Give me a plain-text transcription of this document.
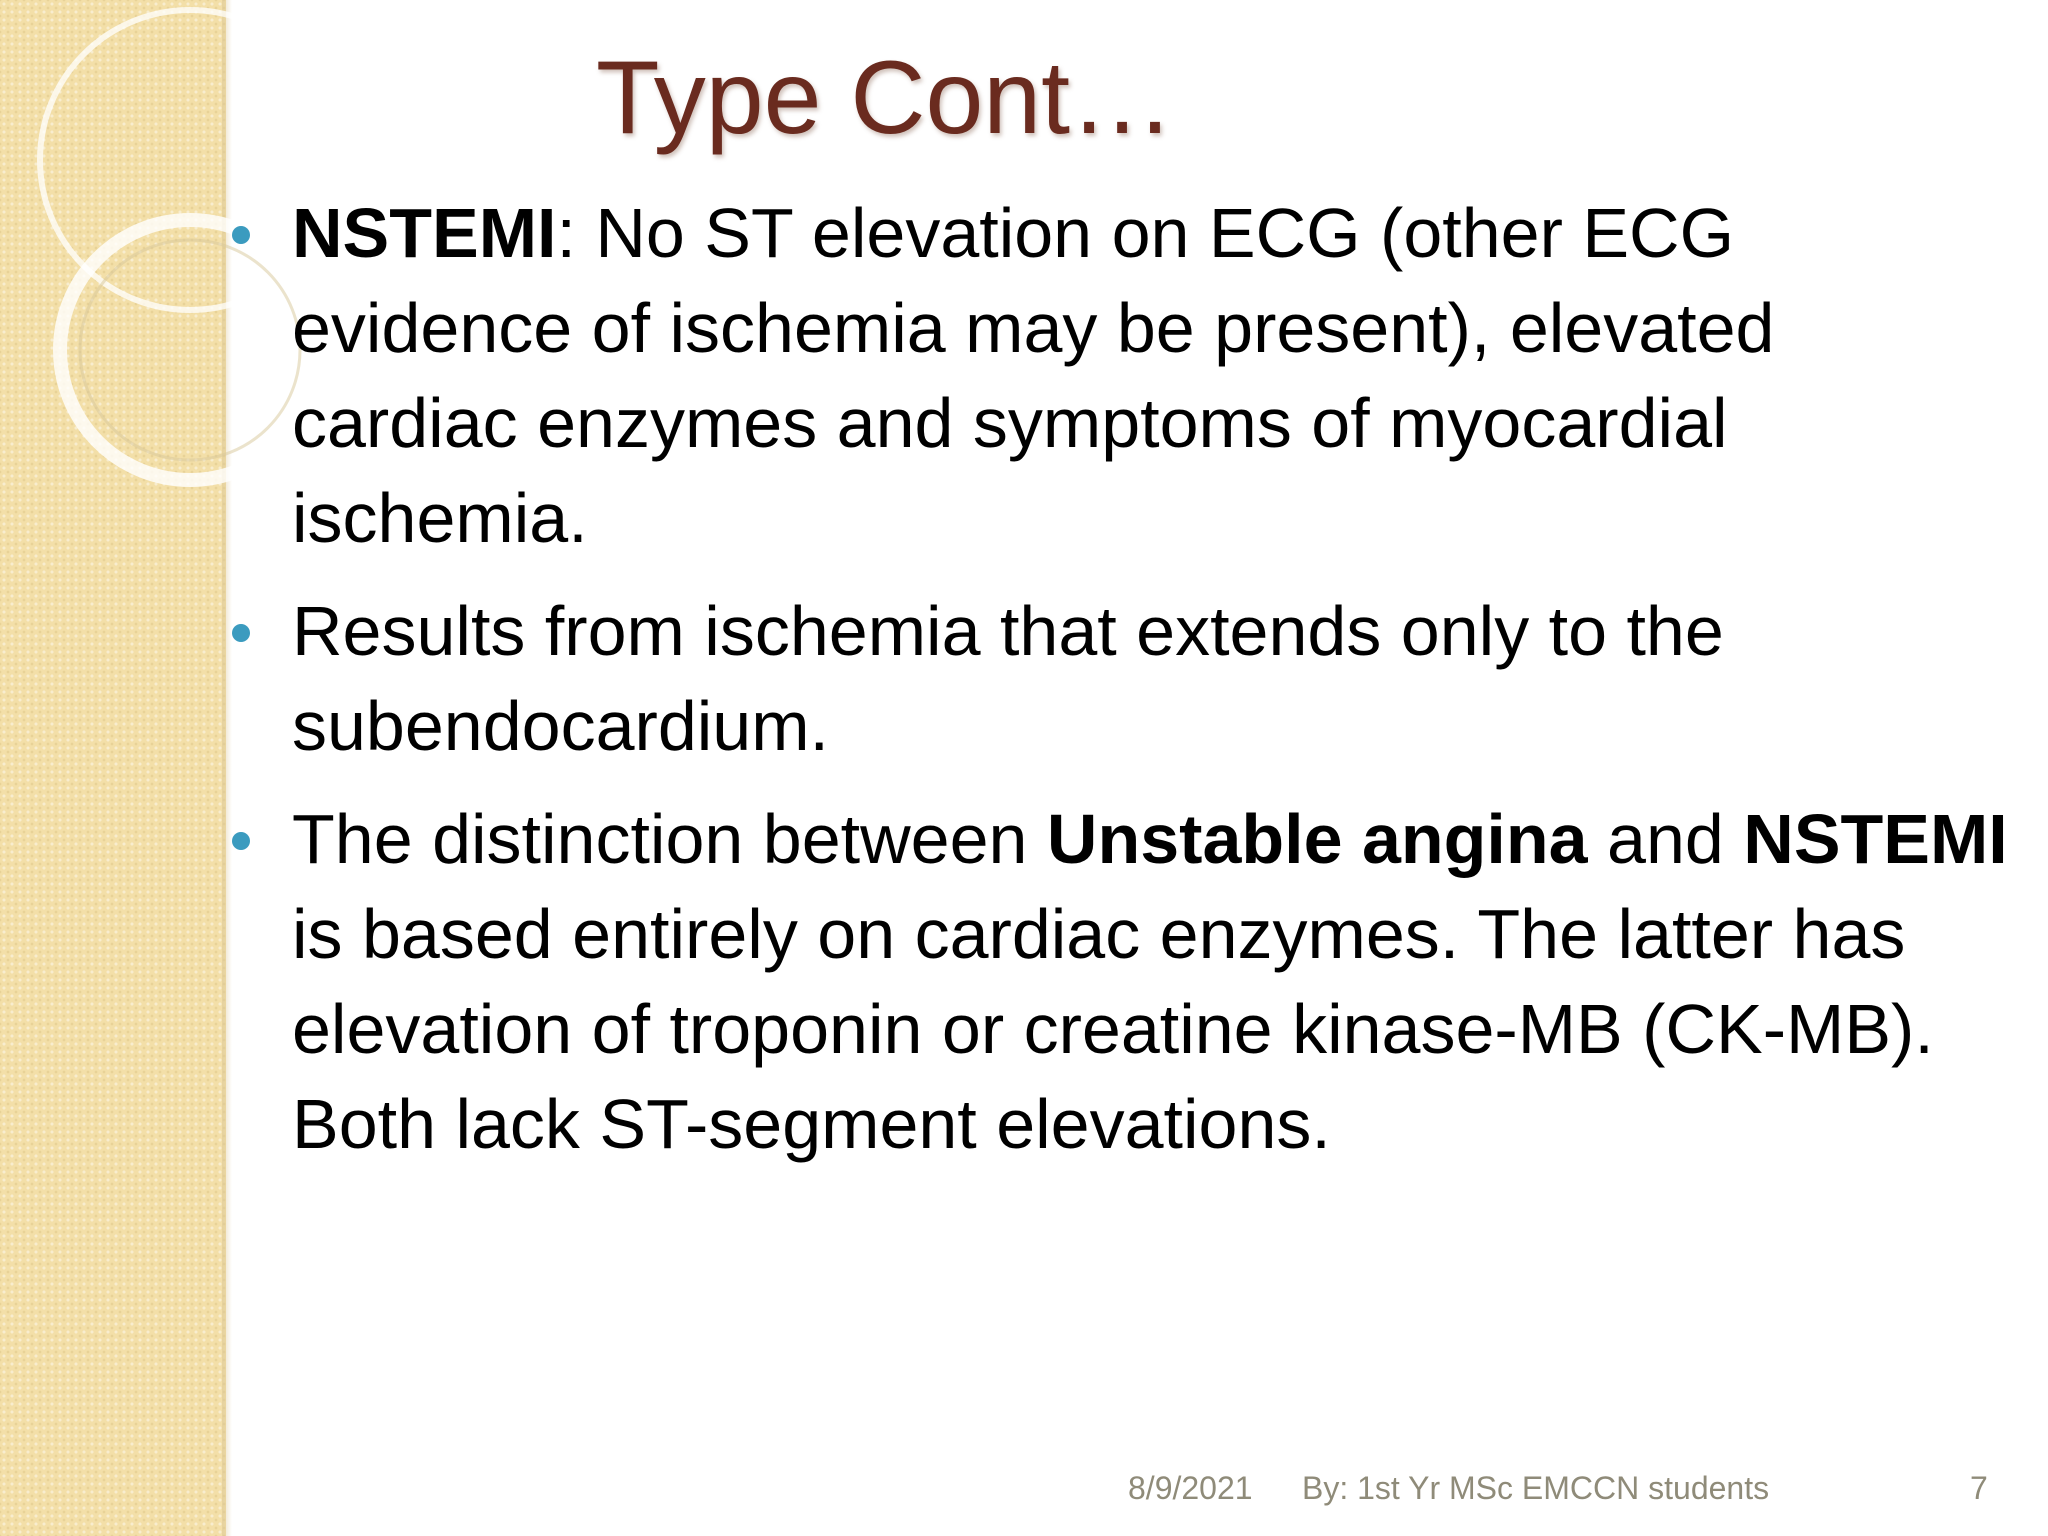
Type Cont…
NSTEMI: No ST elevation on ECG (other ECG evidence of ischemia may be present), elevated cardiac enzymes and symptoms of myocardial ischemia.
Results from ischemia that extends only to the subendocardium.
The distinction between Unstable angina and NSTEMI is based entirely on cardiac enzymes. The latter has elevation of troponin or creatine kinase-MB (CK-MB). Both lack ST-segment elevations.
8/9/2021 By: 1st Yr MSc EMCCN students	7
